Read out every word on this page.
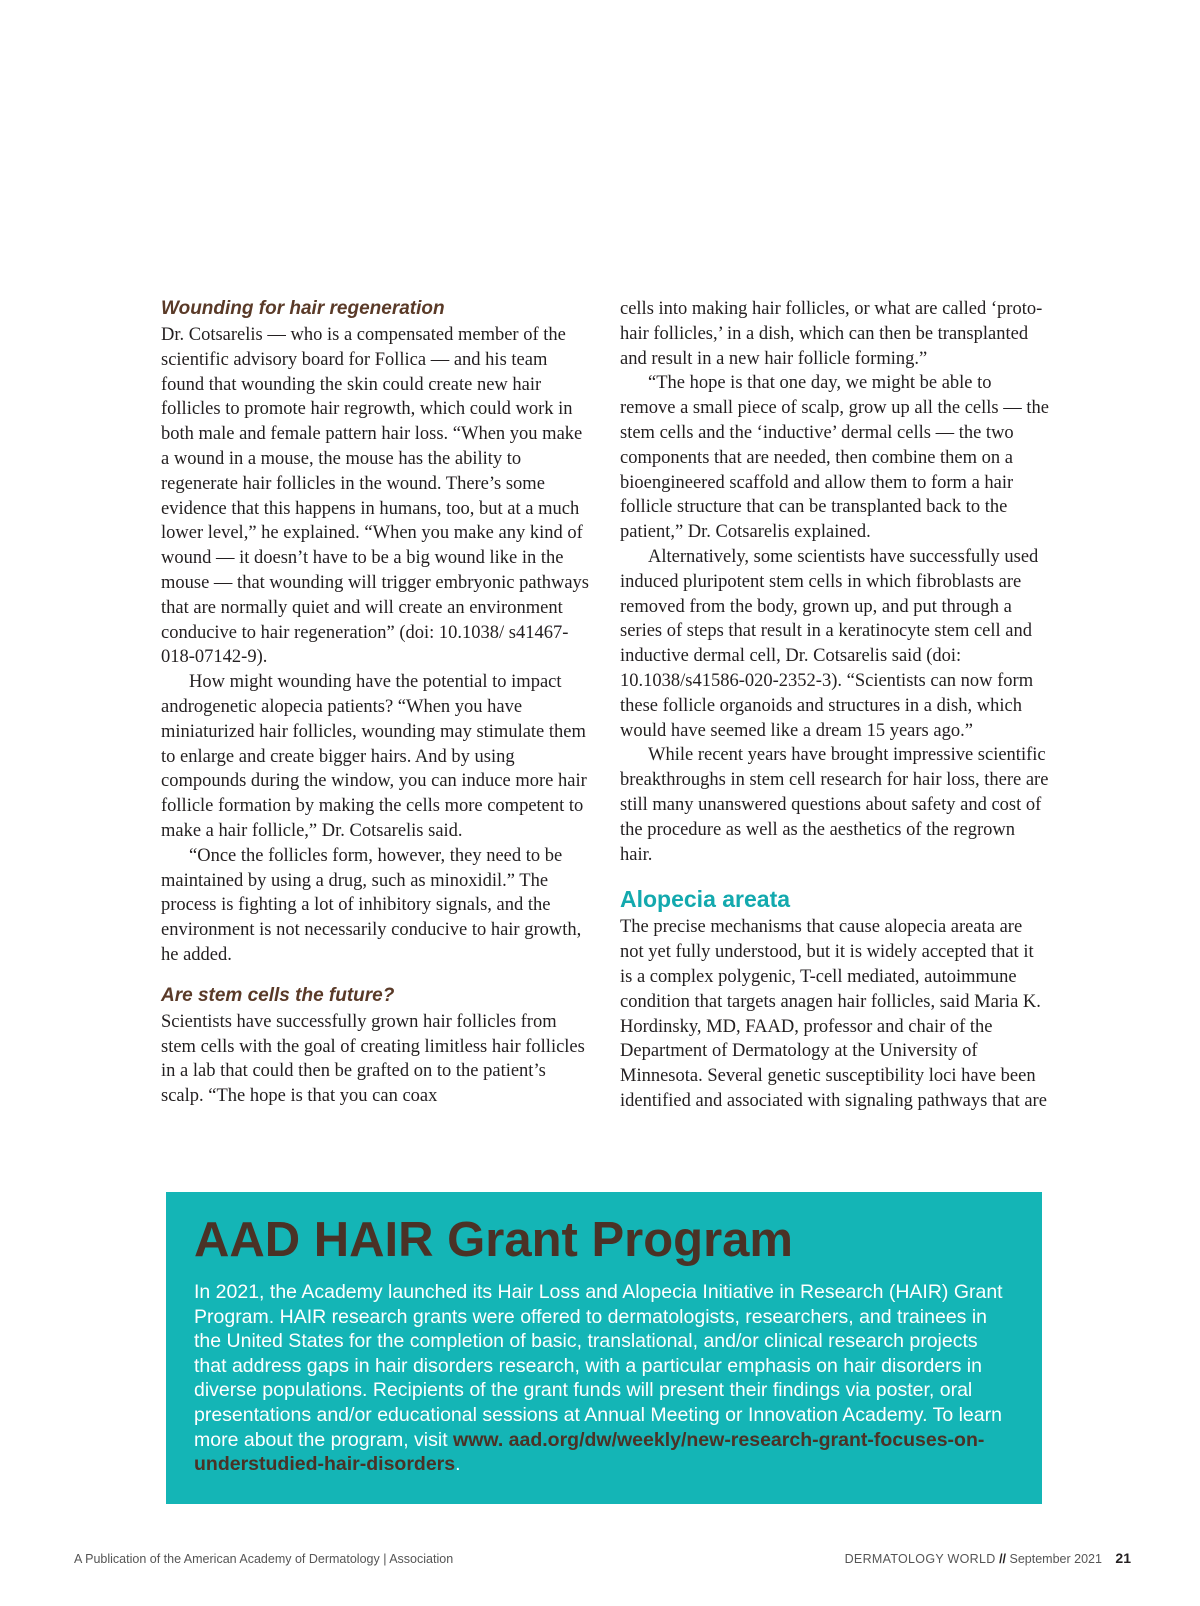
Wounding for hair regeneration

Dr. Cotsarelis — who is a compensated member of the scientific advisory board for Follica — and his team found that wounding the skin could create new hair follicles to promote hair regrowth, which could work in both male and female pattern hair loss. “When you make a wound in a mouse, the mouse has the ability to regenerate hair follicles in the wound. There’s some evidence that this happens in humans, too, but at a much lower level,” he explained. “When you make any kind of wound — it doesn’t have to be a big wound like in the mouse — that wounding will trigger embryonic pathways that are normally quiet and will create an environment conducive to hair regeneration” (doi: 10.1038/ s41467-018-07142-9).

How might wounding have the potential to impact androgenetic alopecia patients? “When you have miniaturized hair follicles, wounding may stimulate them to enlarge and create bigger hairs. And by using compounds during the window, you can induce more hair follicle formation by making the cells more competent to make a hair follicle,” Dr. Cotsarelis said.

“Once the follicles form, however, they need to be maintained by using a drug, such as minoxidil.” The process is fighting a lot of inhibitory signals, and the environment is not necessarily conducive to hair growth, he added.

Are stem cells the future?

Scientists have successfully grown hair follicles from stem cells with the goal of creating limitless hair follicles in a lab that could then be grafted on to the patient’s scalp. “The hope is that you can coax

cells into making hair follicles, or what are called ‘proto-hair follicles,’ in a dish, which can then be transplanted and result in a new hair follicle forming.”

“The hope is that one day, we might be able to remove a small piece of scalp, grow up all the cells — the stem cells and the ‘inductive’ dermal cells — the two components that are needed, then combine them on a bioengineered scaffold and allow them to form a hair follicle structure that can be transplanted back to the patient,” Dr. Cotsarelis explained.

Alternatively, some scientists have successfully used induced pluripotent stem cells in which fibroblasts are removed from the body, grown up, and put through a series of steps that result in a keratinocyte stem cell and inductive dermal cell, Dr. Cotsarelis said (doi: 10.1038/s41586-020-2352-3). “Scientists can now form these follicle organoids and structures in a dish, which would have seemed like a dream 15 years ago.”

While recent years have brought impressive scientific breakthroughs in stem cell research for hair loss, there are still many unanswered questions about safety and cost of the procedure as well as the aesthetics of the regrown hair.

Alopecia areata

The precise mechanisms that cause alopecia areata are not yet fully understood, but it is widely accepted that it is a complex polygenic, T-cell mediated, autoimmune condition that targets anagen hair follicles, said Maria K. Hordinsky, MD, FAAD, professor and chair of the Department of Dermatology at the University of Minnesota. Several genetic susceptibility loci have been identified and associated with signaling pathways that are

AAD HAIR Grant Program

In 2021, the Academy launched its Hair Loss and Alopecia Initiative in Research (HAIR) Grant Program. HAIR research grants were offered to dermatologists, researchers, and trainees in the United States for the completion of basic, translational, and/or clinical research projects that address gaps in hair disorders research, with a particular emphasis on hair disorders in diverse populations. Recipients of the grant funds will present their findings via poster, oral presentations and/or educational sessions at Annual Meeting or Innovation Academy. To learn more about the program, visit www. aad.org/dw/weekly/new-research-grant-focuses-on-understudied-hair-disorders.

A Publication of the American Academy of Dermatology | Association	DERMATOLOGY WORLD // September 2021 21
